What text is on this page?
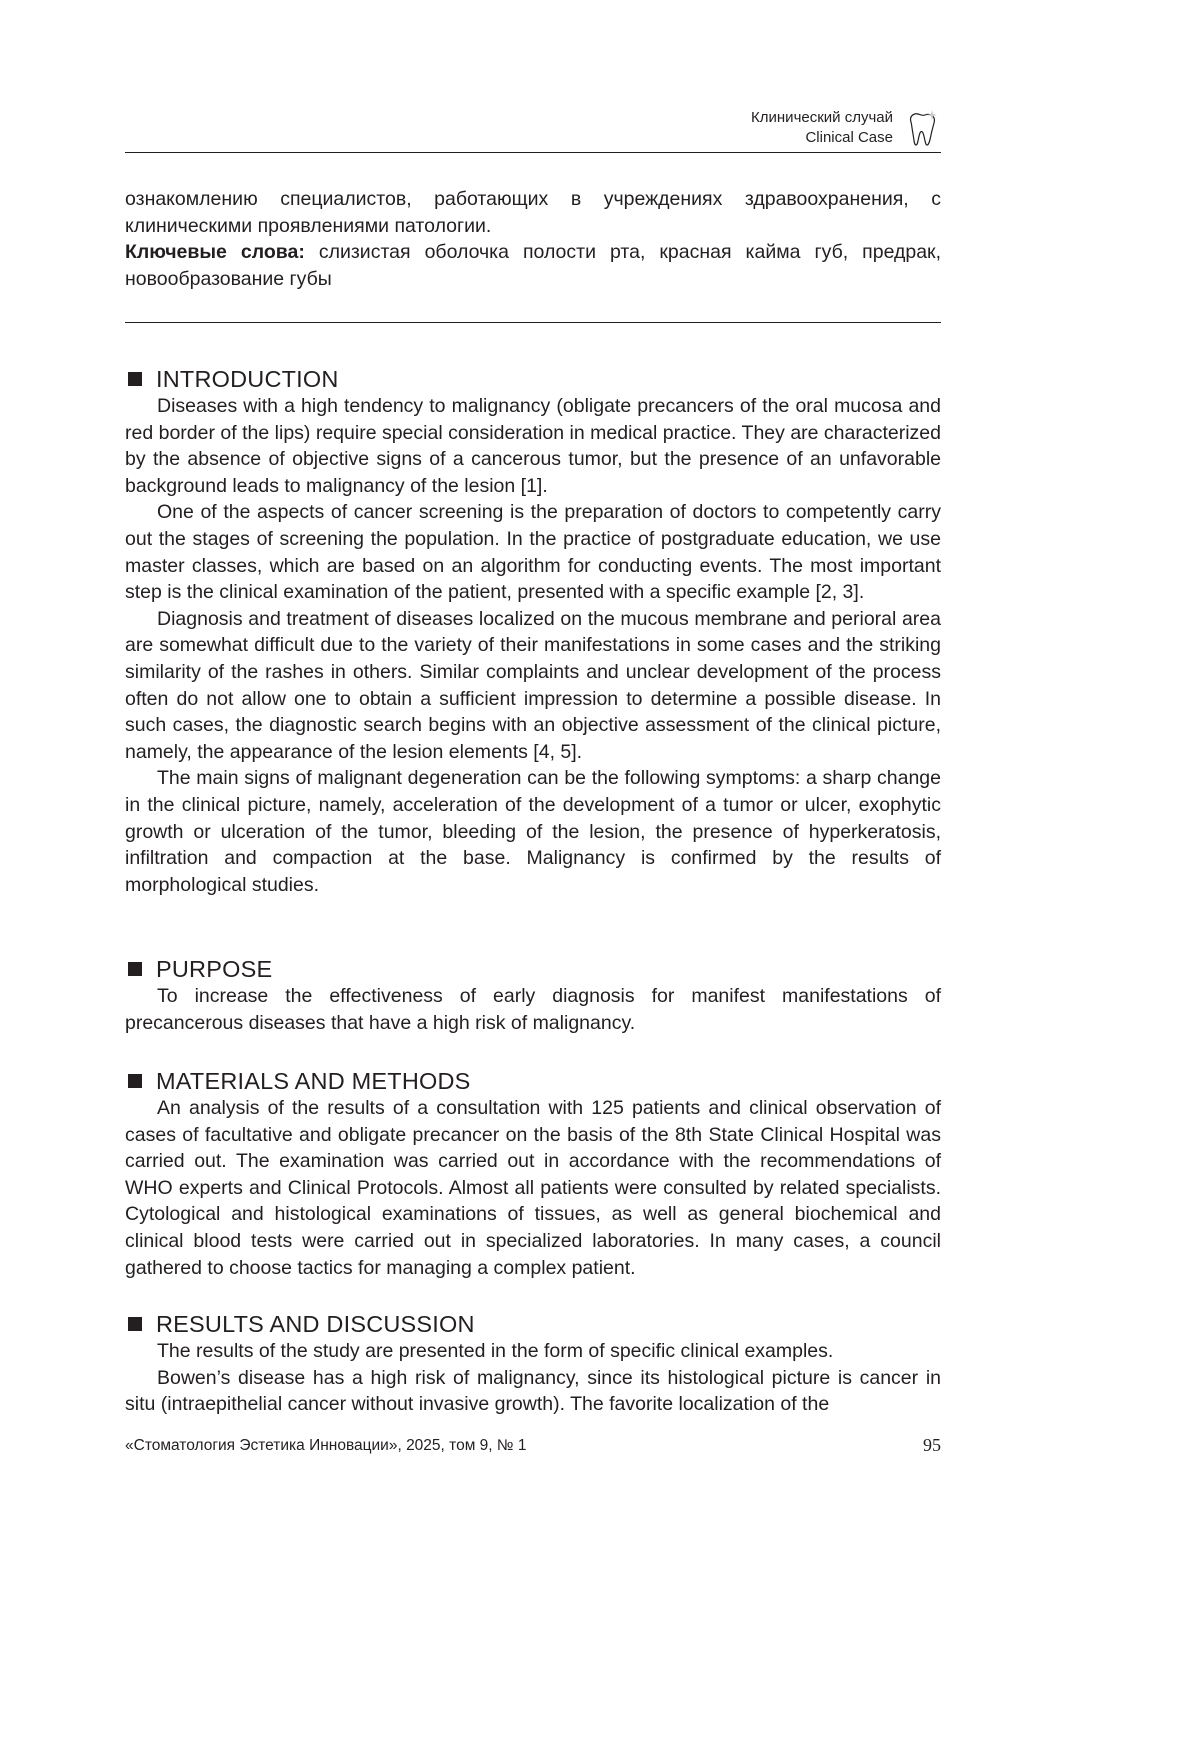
Клинический случай
Clinical Case

ознакомлению специалистов, работающих в учреждениях здравоохранения, с клиническими проявлениями патологии.

Ключевые слова: слизистая оболочка полости рта, красная кайма губ, предрак, новообразование губы

INTRODUCTION

Diseases with a high tendency to malignancy (obligate precancers of the oral mucosa and red border of the lips) require special consideration in medical practice. They are characterized by the absence of objective signs of a cancerous tumor, but the presence of an unfavorable background leads to malignancy of the lesion [1].

One of the aspects of cancer screening is the preparation of doctors to competently carry out the stages of screening the population. In the practice of postgraduate education, we use master classes, which are based on an algorithm for conducting events. The most important step is the clinical examination of the patient, presented with a specific example [2, 3].

Diagnosis and treatment of diseases localized on the mucous membrane and perioral area are somewhat difficult due to the variety of their manifestations in some cases and the striking similarity of the rashes in others. Similar complaints and unclear development of the process often do not allow one to obtain a sufficient impression to determine a possible disease. In such cases, the diagnostic search begins with an objective assessment of the clinical picture, namely, the appearance of the lesion elements [4, 5].

The main signs of malignant degeneration can be the following symptoms: a sharp change in the clinical picture, namely, acceleration of the development of a tumor or ulcer, exophytic growth or ulceration of the tumor, bleeding of the lesion, the presence of hyperkeratosis, infiltration and compaction at the base. Malignancy is confirmed by the results of morphological studies.

PURPOSE

To increase the effectiveness of early diagnosis for manifest manifestations of precancerous diseases that have a high risk of malignancy.

MATERIALS AND METHODS

An analysis of the results of a consultation with 125 patients and clinical observation of cases of facultative and obligate precancer on the basis of the 8th State Clinical Hospital was carried out. The examination was carried out in accordance with the recommendations of WHO experts and Clinical Protocols. Almost all patients were consulted by related specialists. Cytological and histological examinations of tissues, as well as general biochemical and clinical blood tests were carried out in specialized laboratories. In many cases, a council gathered to choose tactics for managing a complex patient.

RESULTS AND DISCUSSION

The results of the study are presented in the form of specific clinical examples.

Bowen’s disease has a high risk of malignancy, since its histological picture is cancer in situ (intraepithelial cancer without invasive growth). The favorite localization of the

«Стоматология Эстетика Инновации», 2025, том 9, № 1	95
